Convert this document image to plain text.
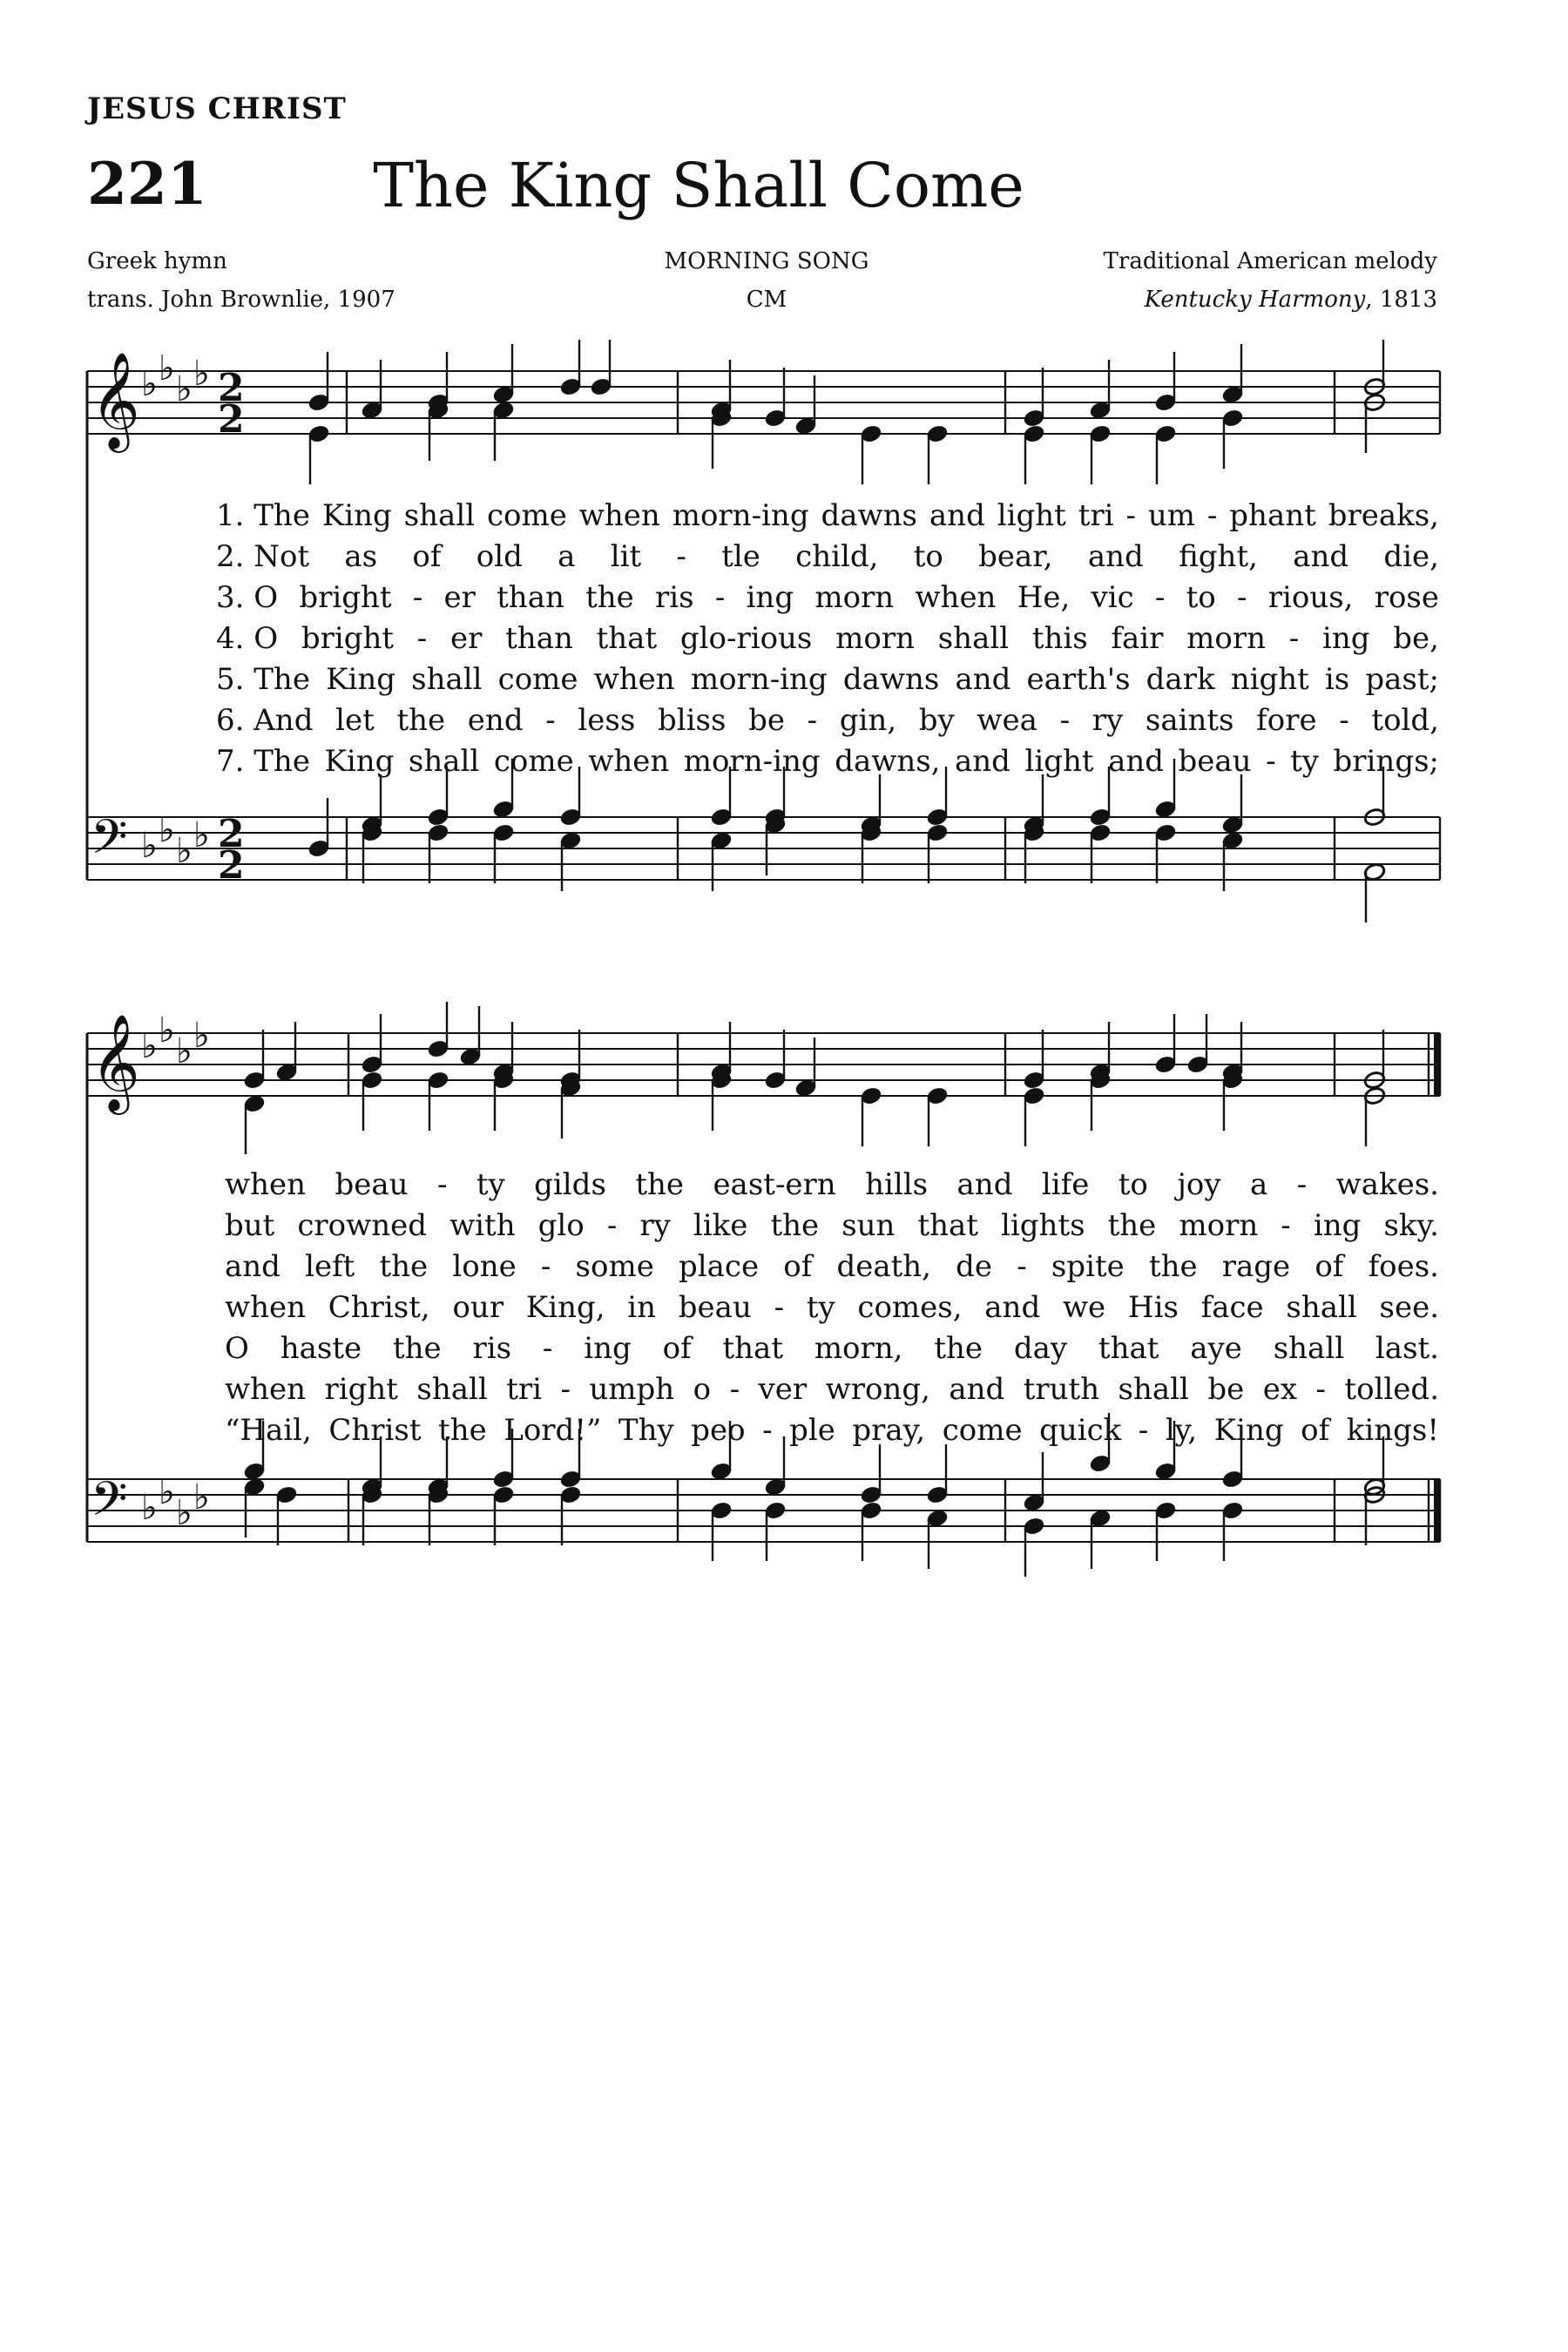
JESUS CHRIST
221	The King Shall Come
Greek hymn
trans. John Brownlie, 1907
MORNING SONG
CM
Traditional American melody
Kentucky Harmony, 1813
𝄞
𝄢
♭ ♭
♭ ♭
♭ ♭
♭ ♭
2
2
2
2
𝄞
𝄢
♭ ♭
♭ ♭
♭ ♭
♭ ♭
1. The King shall come when morn-ing dawns and light tri - um - phant breaks,
2. Not as of old a lit - tle child, to bear, and fight, and die,
3. O bright - er than the ris - ing morn when He, vic - to - rious, rose
4. O bright - er than that glo-rious morn shall this fair morn - ing be,
5. The King shall come when morn-ing dawns and earth's dark night is past;
6. And let the end - less bliss be - gin, by wea - ry saints fore - told,
7. The King shall come when morn-ing dawns, and light and beau - ty brings;
when beau - ty gilds the east-ern hills and life to joy a - wakes.
but crowned with glo - ry like the sun that lights the morn - ing sky.
and left the lone - some place of death, de - spite the rage of foes.
when Christ, our King, in beau - ty comes, and we His face shall see.
O haste the ris - ing of that morn, the day that aye shall last.
when right shall tri - umph o - ver wrong, and truth shall be ex - tolled.
“Hail, Christ the Lord!” Thy peo - ple pray, come quick - ly, King of kings!
